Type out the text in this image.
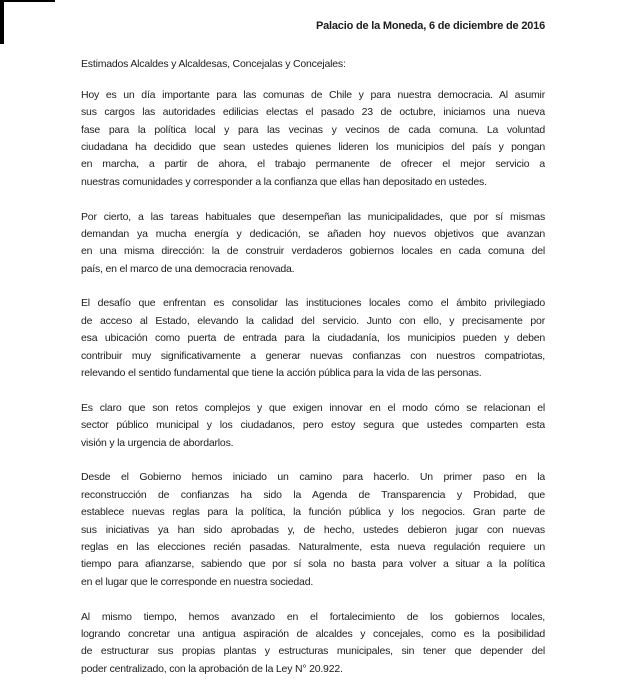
Palacio de la Moneda, 6 de diciembre de 2016
Estimados Alcaldes y Alcaldesas, Concejalas y Concejales:
Hoy es un día importante para las comunas de Chile y para nuestra democracia. Al asumir
sus cargos las autoridades edilicias electas el pasado 23 de octubre, iniciamos una nueva
fase para la política local y para las vecinas y vecinos de cada comuna. La voluntad
ciudadana ha decidido que sean ustedes quienes lideren los municipios del país y pongan
en marcha, a partir de ahora, el trabajo permanente de ofrecer el mejor servicio a
nuestras comunidades y corresponder a la confianza que ellas han depositado en ustedes.
Por cierto, a las tareas habituales que desempeñan las municipalidades, que por sí mismas
demandan ya mucha energía y dedicación, se añaden hoy nuevos objetivos que avanzan
en una misma dirección: la de construir verdaderos gobiernos locales en cada comuna del
país, en el marco de una democracia renovada.
El desafío que enfrentan es consolidar las instituciones locales como el ámbito privilegiado
de acceso al Estado, elevando la calidad del servicio. Junto con ello, y precisamente por
esa ubicación como puerta de entrada para la ciudadanía, los municipios pueden y deben
contribuir muy significativamente a generar nuevas confianzas con nuestros compatriotas,
relevando el sentido fundamental que tiene la acción pública para la vida de las personas.
Es claro que son retos complejos y que exigen innovar en el modo cómo se relacionan el
sector público municipal y los ciudadanos, pero estoy segura que ustedes comparten esta
visión y la urgencia de abordarlos.
Desde el Gobierno hemos iniciado un camino para hacerlo. Un primer paso en la
reconstrucción de confianzas ha sido la Agenda de Transparencia y Probidad, que
establece nuevas reglas para la política, la función pública y los negocios. Gran parte de
sus iniciativas ya han sido aprobadas y, de hecho, ustedes debieron jugar con nuevas
reglas en las elecciones recién pasadas. Naturalmente, esta nueva regulación requiere un
tiempo para afianzarse, sabiendo que por sí sola no basta para volver a situar a la política
en el lugar que le corresponde en nuestra sociedad.
Al mismo tiempo, hemos avanzado en el fortalecimiento de los gobiernos locales,
logrando concretar una antigua aspiración de alcaldes y concejales, como es la posibilidad
de estructurar sus propias plantas y estructuras municipales, sin tener que depender del
poder centralizado, con la aprobación de la Ley N° 20.922.
